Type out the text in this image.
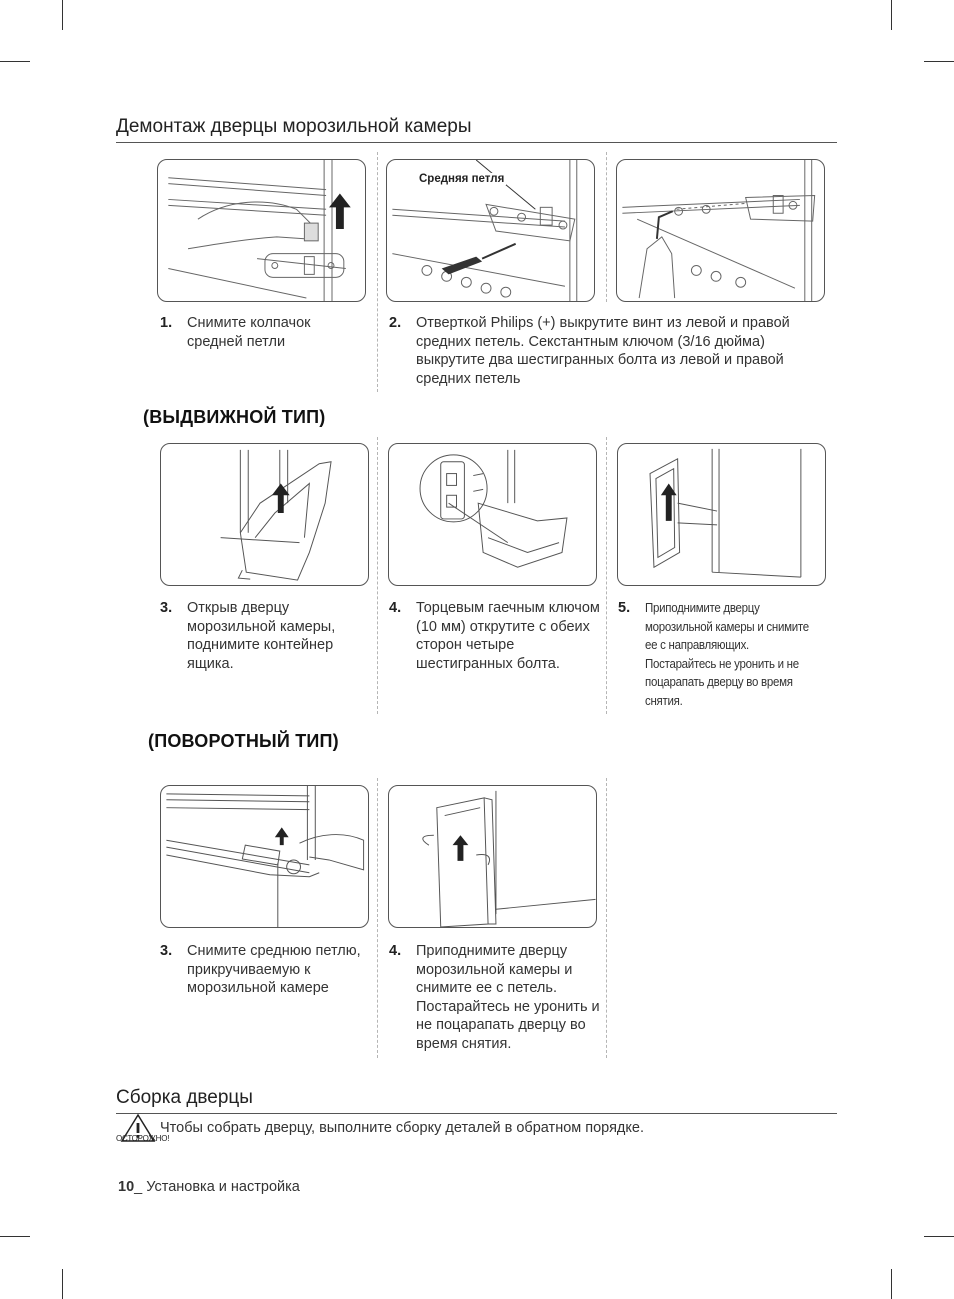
Демонтаж дверцы морозильной камеры
Средняя петля
1. Снимите колпачок средней петли
2. Отверткой Philips (+) выкрутите винт из левой и правой средних петель. Секстантным ключом (3/16 дюйма) выкрутите два шестигранных болта из левой и правой средних петель
(ВЫДВИЖНОЙ ТИП)
3. Открыв дверцу морозильной камеры, поднимите контейнер ящика.
4. Торцевым гаечным ключом (10 мм) открутите с обеих сторон четыре шестигранных болта.
5. Приподнимите дверцу морозильной камеры и снимите ее с направляющих. Постарайтесь не уронить и не поцарапать дверцу во время снятия.
(ПОВОРОТНЫЙ ТИП)
3. Снимите среднюю петлю, прикручиваемую к морозильной камере
4. Приподнимите дверцу морозильной камеры и снимите ее с петель. Постарайтесь не уронить и не поцарапать дверцу во время снятия.
Сборка дверцы
ОСТОРОЖНО!
Чтобы собрать дверцу, выполните сборку деталей в обратном порядке.
10_ Установка и настройка
